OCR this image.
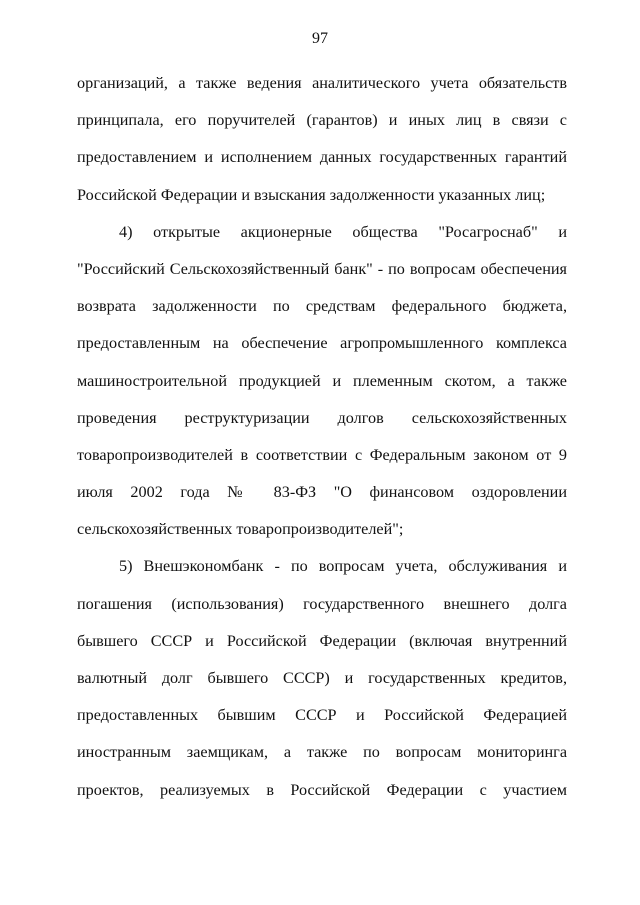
97
организаций, а также ведения аналитического учета обязательств
принципала, его поручителей (гарантов) и иных лиц в связи с
предоставлением и исполнением данных государственных гарантий
Российской Федерации и взыскания задолженности указанных лиц;
4) открытые акционерные общества "Росагроснаб" и
"Российский Сельскохозяйственный банк" - по вопросам обеспечения
возврата задолженности по средствам федерального бюджета,
предоставленным на обеспечение агропромышленного комплекса
машиностроительной продукцией и племенным скотом, а также
проведения реструктуризации долгов сельскохозяйственных
товаропроизводителей в соответствии с Федеральным законом от 9
июля 2002 года № 83-ФЗ "О финансовом оздоровлении
сельскохозяйственных товаропроизводителей";
5) Внешэкономбанк - по вопросам учета, обслуживания и
погашения (использования) государственного внешнего долга
бывшего СССР и Российской Федерации (включая внутренний
валютный долг бывшего СССР) и государственных кредитов,
предоставленных бывшим СССР и Российской Федерацией
иностранным заемщикам, а также по вопросам мониторинга
проектов, реализуемых в Российской Федерации с участием
